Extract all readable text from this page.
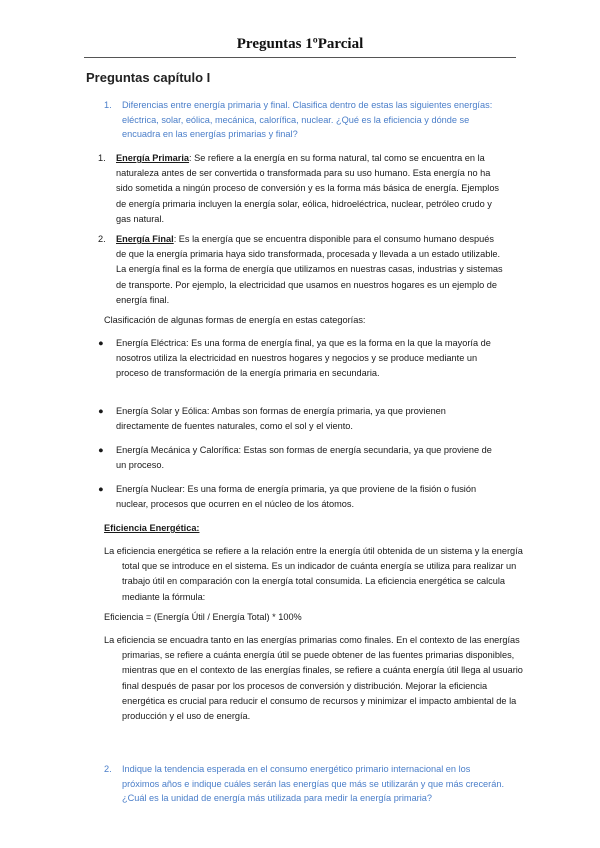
Preguntas 1ºParcial
Preguntas capítulo I
1. Diferencias entre energía primaria y final. Clasifica dentro de estas las siguientes energías: eléctrica, solar, eólica, mecánica, calorífica, nuclear. ¿Qué es la eficiencia y dónde se encuadra en las energías primarias y final?
1. Energía Primaria: Se refiere a la energía en su forma natural, tal como se encuentra en la naturaleza antes de ser convertida o transformada para su uso humano. Esta energía no ha sido sometida a ningún proceso de conversión y es la forma más básica de energía. Ejemplos de energía primaria incluyen la energía solar, eólica, hidroeléctrica, nuclear, petróleo crudo y gas natural.
2. Energía Final: Es la energía que se encuentra disponible para el consumo humano después de que la energía primaria haya sido transformada, procesada y llevada a un estado utilizable. La energía final es la forma de energía que utilizamos en nuestras casas, industrias y sistemas de transporte. Por ejemplo, la electricidad que usamos en nuestros hogares es un ejemplo de energía final.
Clasificación de algunas formas de energía en estas categorías:
● Energía Eléctrica: Es una forma de energía final, ya que es la forma en la que la mayoría de nosotros utiliza la electricidad en nuestros hogares y negocios y se produce mediante un proceso de transformación de la energía primaria en secundaria.
● Energía Solar y Eólica: Ambas son formas de energía primaria, ya que provienen directamente de fuentes naturales, como el sol y el viento.
● Energía Mecánica y Calorífica: Estas son formas de energía secundaria, ya que proviene de un proceso.
● Energía Nuclear: Es una forma de energía primaria, ya que proviene de la fisión o fusión nuclear, procesos que ocurren en el núcleo de los átomos.
Eficiencia Energética:
La eficiencia energética se refiere a la relación entre la energía útil obtenida de un sistema y la energía total que se introduce en el sistema. Es un indicador de cuánta energía se utiliza para realizar un trabajo útil en comparación con la energía total consumida. La eficiencia energética se calcula mediante la fórmula:
Eficiencia = (Energía Útil / Energía Total) * 100%
La eficiencia se encuadra tanto en las energías primarias como finales. En el contexto de las energías primarias, se refiere a cuánta energía útil se puede obtener de las fuentes primarias disponibles, mientras que en el contexto de las energías finales, se refiere a cuánta energía útil llega al usuario final después de pasar por los procesos de conversión y distribución. Mejorar la eficiencia energética es crucial para reducir el consumo de recursos y minimizar el impacto ambiental de la producción y el uso de energía.
2. Indique la tendencia esperada en el consumo energético primario internacional en los próximos años e indique cuáles serán las energías que más se utilizarán y que más crecerán. ¿Cuál es la unidad de energía más utilizada para medir la energía primaria?
